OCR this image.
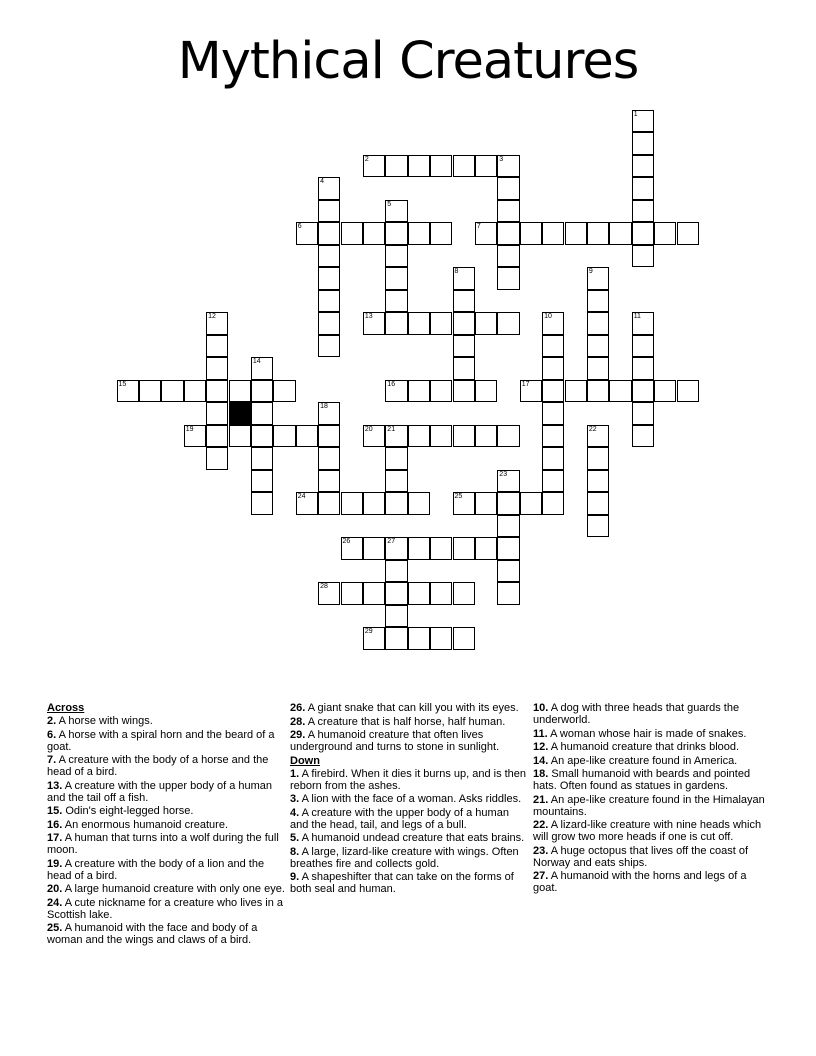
Mythical Creatures
2	3
6	7
13
15	16	17
19	20 21
24	25
26	27
28
29
1
4
5
8	9
10	11
12
14
18
22
23
Across
2. A horse with wings.
6. A horse with a spiral horn and the beard of a goat.
7. A creature with the body of a horse and the head of a bird.
13. A creature with the upper body of a human and the tail off a fish.
15. Odin's eight-legged horse.
16. An enormous humanoid creature.
17. A human that turns into a wolf during the full moon.
19. A creature with the body of a lion and the head of a bird.
20. A large humanoid creature with only one eye.
24. A cute nickname for a creature who lives in a Scottish lake.
25. A humanoid with the face and body of a woman and the wings and claws of a bird.
26. A giant snake that can kill you with its eyes.
28. A creature that is half horse, half human.
29. A humanoid creature that often lives underground and turns to stone in sunlight.
Down
1. A firebird. When it dies it burns up, and is then reborn from the ashes.
3. A lion with the face of a woman. Asks riddles.
4. A creature with the upper body of a human and the head, tail, and legs of a bull.
5. A humanoid undead creature that eats brains.
8. A large, lizard-like creature with wings. Often breathes fire and collects gold.
9. A shapeshifter that can take on the forms of both seal and human.
10. A dog with three heads that guards the underworld.
11. A woman whose hair is made of snakes.
12. A humanoid creature that drinks blood.
14. An ape-like creature found in America.
18. Small humanoid with beards and pointed hats. Often found as statues in gardens.
21. An ape-like creature found in the Himalayan mountains.
22. A lizard-like creature with nine heads which will grow two more heads if one is cut off.
23. A huge octopus that lives off the coast of Norway and eats ships.
27. A humanoid with the horns and legs of a goat.
